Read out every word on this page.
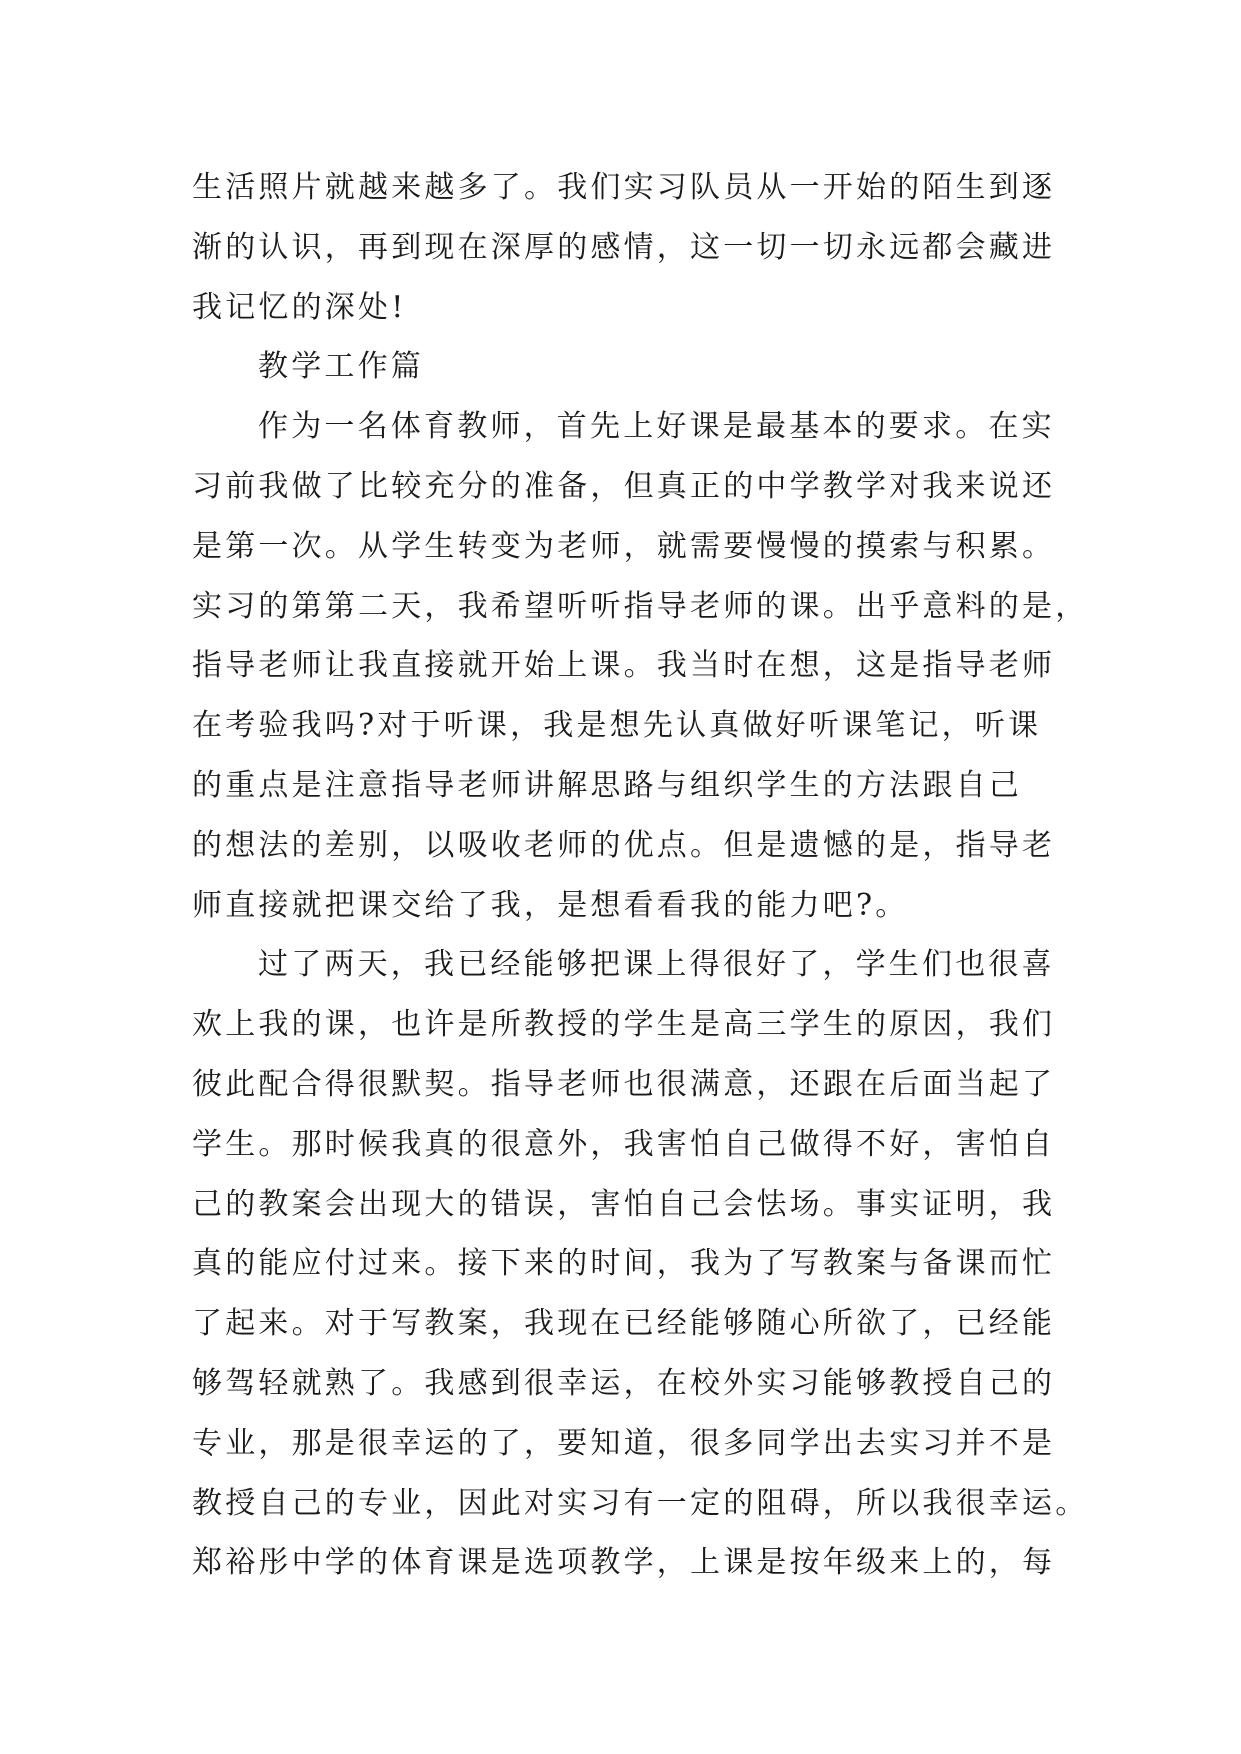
生活照片就越来越多了。我们实习队员从一开始的陌生到逐
渐的认识，再到现在深厚的感情，这一切一切永远都会藏进
我记忆的深处!
教学工作篇
作为一名体育教师，首先上好课是最基本的要求。在实
习前我做了比较充分的准备，但真正的中学教学对我来说还
是第一次。从学生转变为老师，就需要慢慢的摸索与积累。
实习的第第二天，我希望听听指导老师的课。出乎意料的是，
指导老师让我直接就开始上课。我当时在想，这是指导老师
在考验我吗?对于听课，我是想先认真做好听课笔记，听课
的重点是注意指导老师讲解思路与组织学生的方法跟自己
的想法的差别，以吸收老师的优点。但是遗憾的是，指导老
师直接就把课交给了我，是想看看我的能力吧?。
过了两天，我已经能够把课上得很好了，学生们也很喜
欢上我的课，也许是所教授的学生是高三学生的原因，我们
彼此配合得很默契。指导老师也很满意，还跟在后面当起了
学生。那时候我真的很意外，我害怕自己做得不好，害怕自
己的教案会出现大的错误，害怕自己会怯场。事实证明，我
真的能应付过来。接下来的时间，我为了写教案与备课而忙
了起来。对于写教案，我现在已经能够随心所欲了，已经能
够驾轻就熟了。我感到很幸运，在校外实习能够教授自己的
专业，那是很幸运的了，要知道，很多同学出去实习并不是
教授自己的专业，因此对实习有一定的阻碍，所以我很幸运。
郑裕彤中学的体育课是选项教学，上课是按年级来上的，每
